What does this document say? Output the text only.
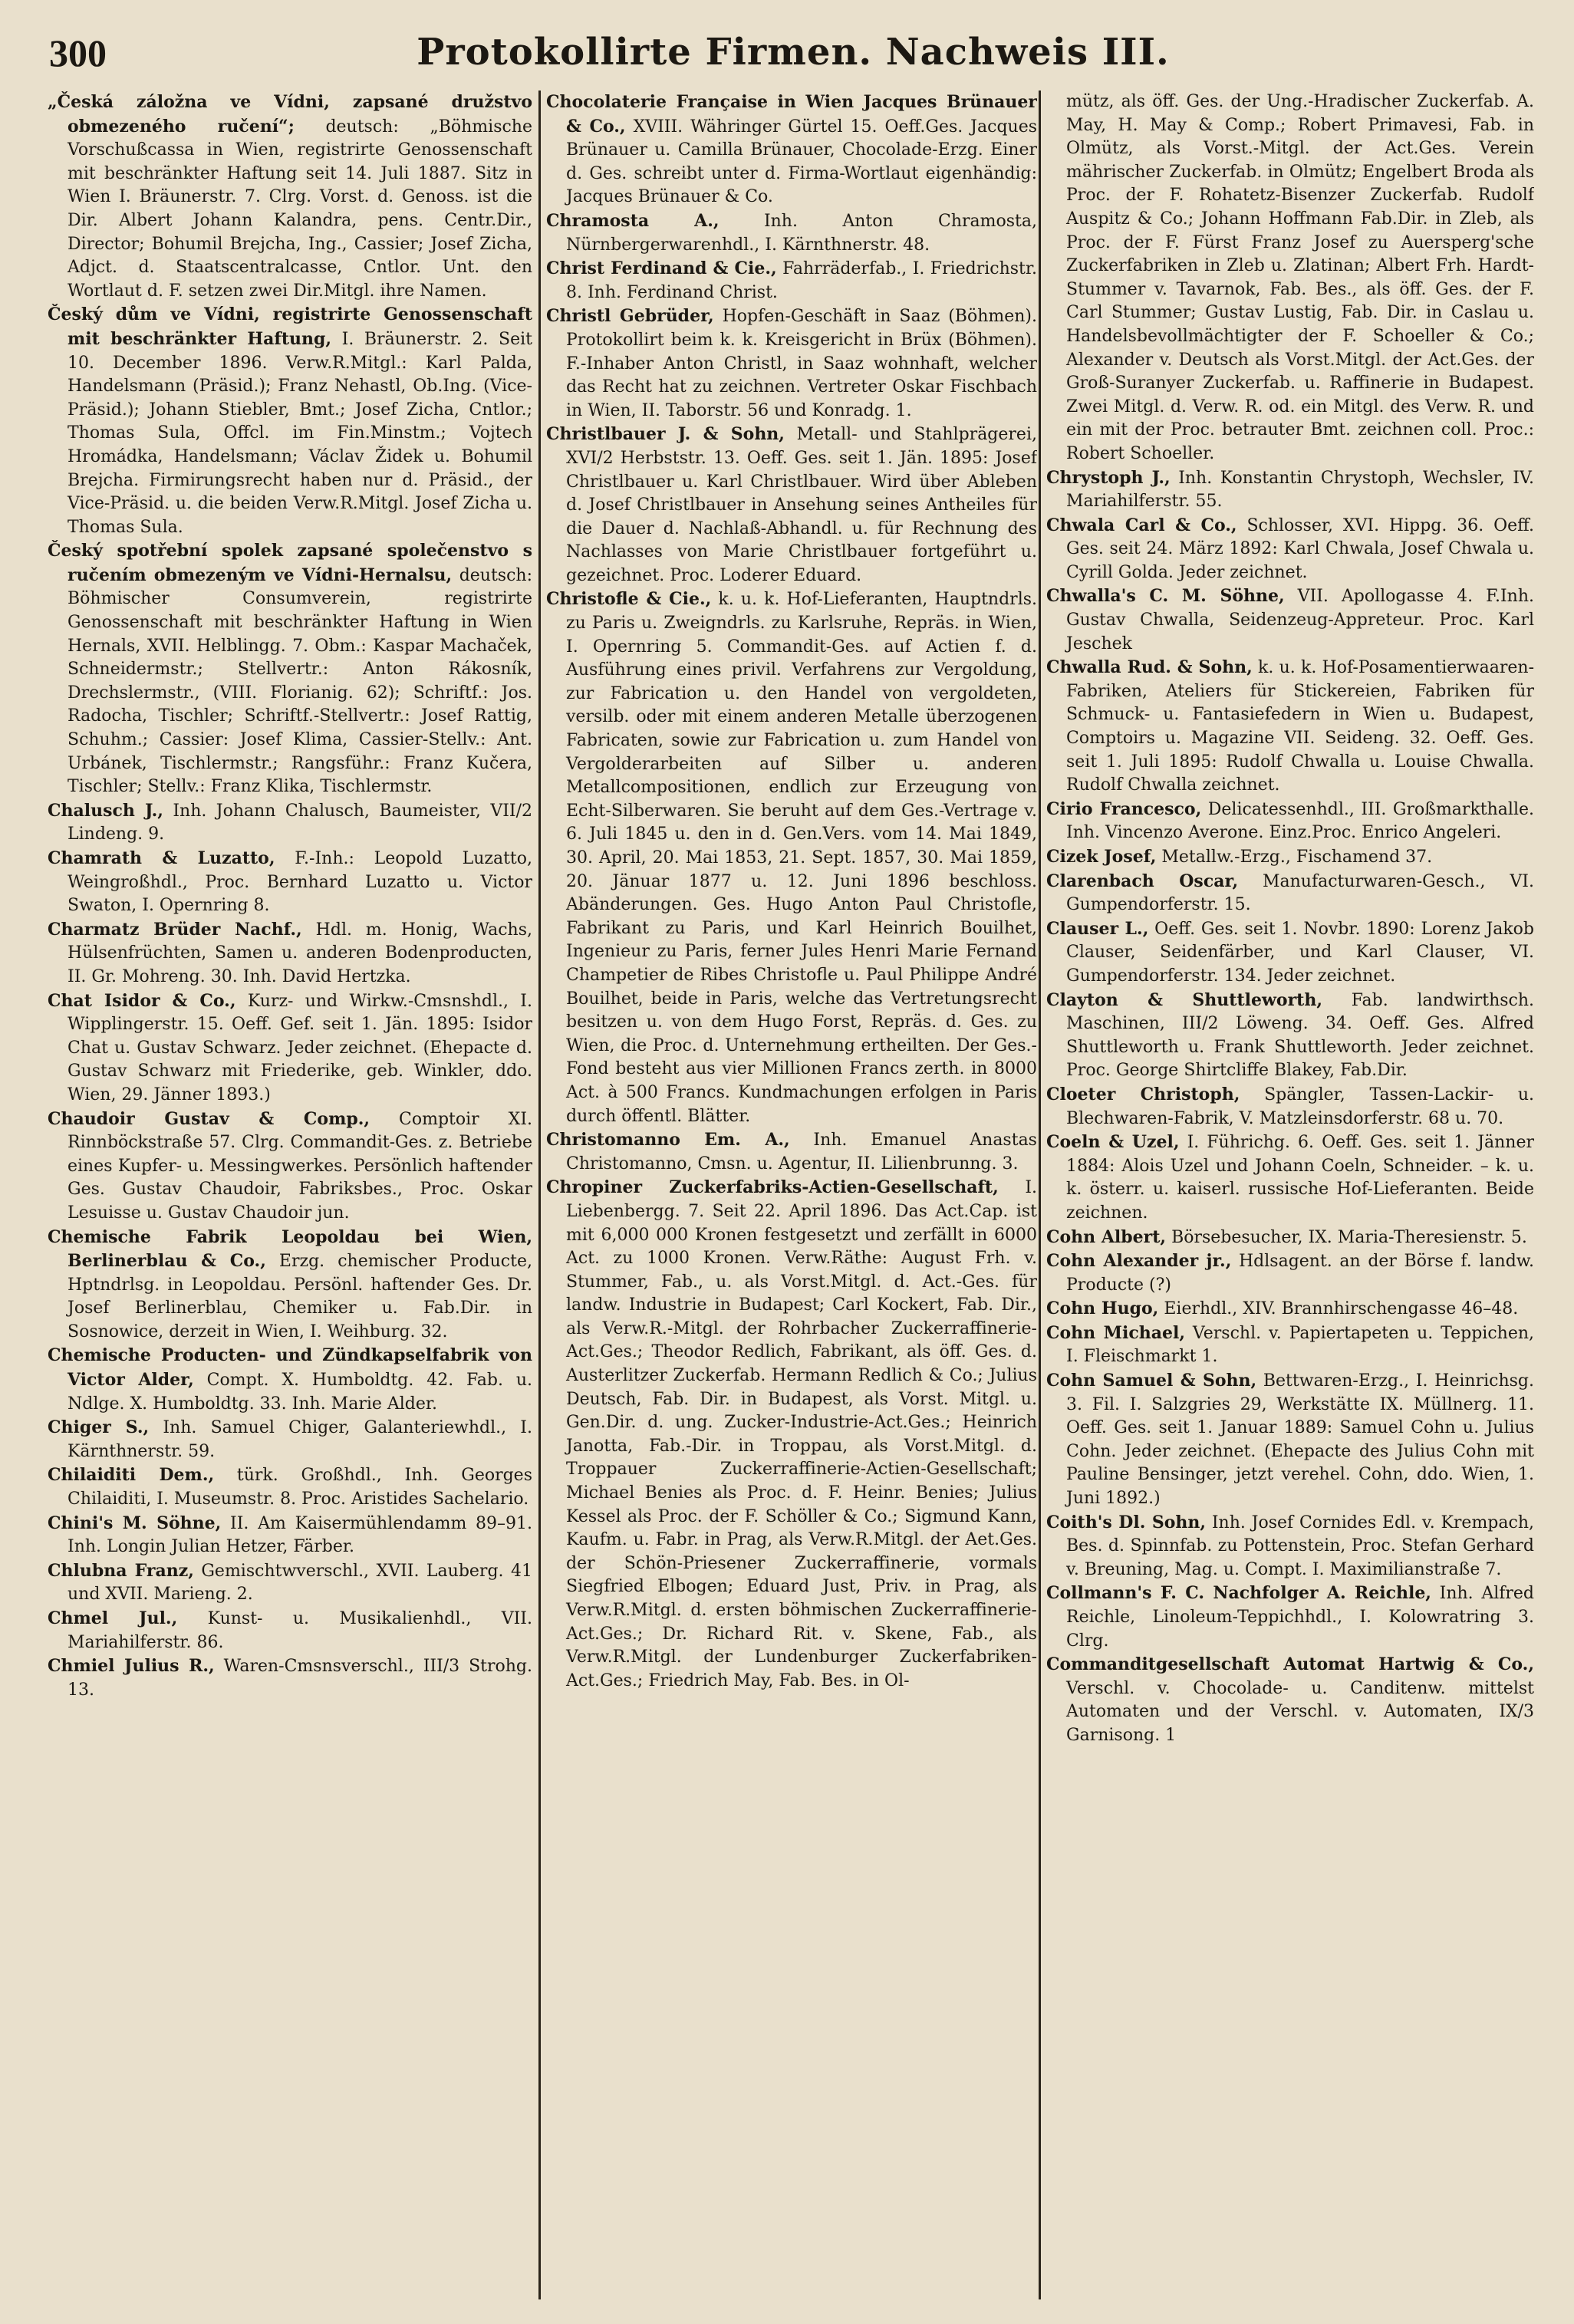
300	Protokollirte Firmen. Nachweis III.

„Česká záložna ve Vídni, zapsané družstvo obmezeného ručení“; deutsch: „Böhmische Vorschußcassa in Wien, registrirte Genossenschaft mit beschränkter Haftung seit 14. Juli 1887. Sitz in Wien I. Bräunerstr. 7. Clrg. Vorst. d. Genoss. ist die Dir. Albert Johann Kalandra, pens. Centr.Dir., Director; Bohumil Brejcha, Ing., Cassier; Josef Zicha, Adjct. d. Staatscentralcasse, Cntlor. Unt. den Wortlaut d. F. setzen zwei Dir.Mitgl. ihre Namen.

Český dům ve Vídni, registrirte Genossenschaft mit beschränkter Haftung, I. Bräunerstr. 2. Seit 10. December 1896. Verw.R.Mitgl.: Karl Palda, Handelsmann (Präsid.); Franz Nehastl, Ob.Ing. (Vice-Präsid.); Johann Stiebler, Bmt.; Josef Zicha, Cntlor.; Thomas Sula, Offcl. im Fin.Minstm.; Vojtech Hromádka, Handelsmann; Václav Židek u. Bohumil Brejcha. Firmirungsrecht haben nur d. Präsid., der Vice-Präsid. u. die beiden Verw.R.Mitgl. Josef Zicha u. Thomas Sula.

Český spotřební spolek zapsané společenstvo s ručením obmezeným ve Vídni-Hernalsu, deutsch: Böhmischer Consumverein, registrirte Genossenschaft mit beschränkter Haftung in Wien Hernals, XVII. Helblingg. 7. Obm.: Kaspar Machaček, Schneidermstr.; Stellvertr.: Anton Rákosník, Drechslermstr., (VIII. Florianig. 62); Schriftf.: Jos. Radocha, Tischler; Schriftf.-Stellvertr.: Josef Rattig, Schuhm.; Cassier: Josef Klima, Cassier-Stellv.: Ant. Urbánek, Tischlermstr.; Rangsführ.: Franz Kučera, Tischler; Stellv.: Franz Klika, Tischlermstr.

Chalusch J., Inh. Johann Chalusch, Baumeister, VII/2 Lindeng. 9.

Chamrath & Luzatto, F.-Inh.: Leopold Luzatto, Weingroßhdl., Proc. Bernhard Luzatto u. Victor Swaton, I. Opernring 8.

Charmatz Brüder Nachf., Hdl. m. Honig, Wachs, Hülsenfrüchten, Samen u. anderen Bodenproducten, II. Gr. Mohreng. 30. Inh. David Hertzka.

Chat Isidor & Co., Kurz- und Wirkw.-Cmsnshdl., I. Wipplingerstr. 15. Oeff. Gef. seit 1. Jän. 1895: Isidor Chat u. Gustav Schwarz. Jeder zeichnet. (Ehepacte d. Gustav Schwarz mit Friederike, geb. Winkler, ddo. Wien, 29. Jänner 1893.)

Chaudoir Gustav & Comp., Comptoir XI. Rinnböckstraße 57. Clrg. Commandit-Ges. z. Betriebe eines Kupfer- u. Messingwerkes. Persönlich haftender Ges. Gustav Chaudoir, Fabriksbes., Proc. Oskar Lesuisse u. Gustav Chaudoir jun.

Chemische Fabrik Leopoldau bei Wien, Berlinerblau & Co., Erzg. chemischer Producte, Hptndrlsg. in Leopoldau. Persönl. haftender Ges. Dr. Josef Berlinerblau, Chemiker u. Fab.Dir. in Sosnowice, derzeit in Wien, I. Weihburg. 32.

Chemische Producten- und Zündkapselfabrik von Victor Alder, Compt. X. Humboldtg. 42. Fab. u. Ndlge. X. Humboldtg. 33. Inh. Marie Alder.

Chiger S., Inh. Samuel Chiger, Galanteriewhdl., I. Kärnthnerstr. 59.

Chilaiditi Dem., türk. Großhdl., Inh. Georges Chilaiditi, I. Museumstr. 8. Proc. Aristides Sachelario.

Chini's M. Söhne, II. Am Kaisermühlendamm 89–91. Inh. Longin Julian Hetzer, Färber.

Chlubna Franz, Gemischtwverschl., XVII. Lauberg. 41 und XVII. Marieng. 2.

Chmel Jul., Kunst- u. Musikalienhdl., VII. Mariahilferstr. 86.

Chmiel Julius R., Waren-Cmsnsverschl., III/3 Strohg. 13.

Chocolaterie Française in Wien Jacques Brünauer & Co., XVIII. Währinger Gürtel 15. Oeff.Ges. Jacques Brünauer u. Camilla Brünauer, Chocolade-Erzg. Einer d. Ges. schreibt unter d. Firma-Wortlaut eigenhändig: Jacques Brünauer & Co.

Chramosta A.,	Inh. Anton Chramosta, Nürnbergerwarenhdl., I. Kärnthnerstr. 48.

Christ Ferdinand & Cie., Fahrräderfab., I. Friedrichstr. 8. Inh. Ferdinand Christ.

Christl Gebrüder, Hopfen-Geschäft in Saaz (Böhmen). Protokollirt beim k. k. Kreisgericht in Brüx (Böhmen). F.-Inhaber Anton Christl, in Saaz wohnhaft, welcher das Recht hat zu zeichnen. Vertreter Oskar Fischbach in Wien, II. Taborstr. 56 und Konradg. 1.

Christlbauer J. & Sohn, Metall- und Stahlprägerei, XVI/2 Herbststr. 13. Oeff. Ges. seit 1. Jän. 1895: Josef Christlbauer u. Karl Christlbauer. Wird über Ableben d. Josef Christlbauer in Ansehung seines Antheiles für die Dauer d. Nachlaß-Abhandl. u. für Rechnung des Nachlasses von Marie Christlbauer fortgeführt u. gezeichnet. Proc. Loderer Eduard.

Christofle & Cie., k. u. k. Hof-Lieferanten, Hauptndrls. zu Paris u. Zweigndrls. zu Karlsruhe, Repräs. in Wien, I. Opernring 5. Commandit-Ges. auf Actien f. d. Ausführung eines privil. Verfahrens zur Vergoldung, zur Fabrication u. den Handel von vergoldeten, versilb. oder mit einem anderen Metalle überzogenen Fabricaten, sowie zur Fabrication u. zum Handel von Vergolderarbeiten auf Silber u. anderen Metallcompositionen, endlich zur Erzeugung von Echt-Silberwaren. Sie beruht auf dem Ges.-Vertrage v. 6. Juli 1845 u. den in d. Gen.Vers. vom 14. Mai 1849, 30. April, 20. Mai 1853, 21. Sept. 1857, 30. Mai 1859, 20. Jänuar 1877 u. 12. Juni 1896 beschloss. Abänderungen. Ges. Hugo Anton Paul Christofle, Fabrikant zu Paris, und Karl Heinrich Bouilhet, Ingenieur zu Paris, ferner Jules Henri Marie Fernand Champetier de Ribes Christofle u. Paul Philippe André Bouilhet, beide in Paris, welche das Vertretungsrecht besitzen u. von dem Hugo Forst, Repräs. d. Ges. zu Wien, die Proc. d. Unternehmung ertheilten. Der Ges.-Fond besteht aus vier Millionen Francs zerth. in 8000 Act. à 500 Francs. Kundmachungen erfolgen in Paris durch öffentl. Blätter.

Christomanno Em. A., Inh. Emanuel Anastas Christomanno, Cmsn. u. Agentur, II. Lilienbrunng. 3.

Chropiner Zuckerfabriks-Actien-Gesellschaft, I. Liebenbergg. 7. Seit 22. April 1896. Das Act.Cap. ist mit 6,000 000 Kronen festgesetzt und zerfällt in 6000 Act. zu 1000 Kronen. Verw.Räthe: August Frh. v. Stummer, Fab., u. als Vorst.Mitgl. d. Act.-Ges. für landw. Industrie in Budapest; Carl Kockert, Fab. Dir., als Verw.R.-Mitgl. der Rohrbacher Zuckerraffinerie-Act.Ges.; Theodor Redlich, Fabrikant, als öff. Ges. d. Austerlitzer Zuckerfab. Hermann Redlich & Co.; Julius Deutsch, Fab. Dir. in Budapest, als Vorst. Mitgl. u. Gen.Dir. d. ung. Zucker-Industrie-Act.Ges.; Heinrich Janotta, Fab.-Dir. in Troppau, als Vorst.Mitgl. d. Troppauer Zuckerraffinerie-Actien-Gesellschaft; Michael Benies als Proc. d. F. Heinr. Benies; Julius Kessel als Proc. der F. Schöller & Co.; Sigmund Kann, Kaufm. u. Fabr. in Prag, als Verw.R.Mitgl. der Aet.Ges. der Schön-Priesener Zuckerraffinerie, vormals Siegfried Elbogen; Eduard Just, Priv. in Prag, als Verw.R.Mitgl. d. ersten böhmischen Zuckerraffinerie-Act.Ges.; Dr. Richard Rit. v. Skene, Fab., als Verw.R.Mitgl. der Lundenburger Zuckerfabriken-Act.Ges.; Friedrich May, Fab. Bes. in Ol-

mütz, als öff. Ges. der Ung.-Hradischer Zuckerfab. A. May, H. May & Comp.; Robert Primavesi, Fab. in Olmütz, als Vorst.-Mitgl. der Act.Ges. Verein mährischer Zuckerfab. in Olmütz; Engelbert Broda als Proc. der F. Rohatetz-Bisenzer Zuckerfab. Rudolf Auspitz & Co.; Johann Hoffmann Fab.Dir. in Zleb, als Proc. der F. Fürst Franz Josef zu Auersperg'sche Zuckerfabriken in Zleb u. Zlatinan; Albert Frh. Hardt-Stummer v. Tavarnok, Fab. Bes., als öff. Ges. der F. Carl Stummer; Gustav Lustig, Fab. Dir. in Caslau u. Handelsbevollmächtigter der F. Schoeller & Co.; Alexander v. Deutsch als Vorst.Mitgl. der Act.Ges. der Groß-Suranyer Zuckerfab. u. Raffinerie in Budapest. Zwei Mitgl. d. Verw. R. od. ein Mitgl. des Verw. R. und ein mit der Proc. betrauter Bmt. zeichnen coll. Proc.: Robert Schoeller.

Chrystoph J., Inh. Konstantin Chrystoph, Wechsler, IV. Mariahilferstr. 55.

Chwala Carl & Co., Schlosser, XVI. Hippg. 36. Oeff. Ges. seit 24. März 1892: Karl Chwala, Josef Chwala u. Cyrill Golda. Jeder zeichnet.

Chwalla's C. M. Söhne, VII. Apollogasse 4. F.Inh. Gustav Chwalla, Seidenzeug-Appreteur. Proc. Karl Jeschek

Chwalla Rud. & Sohn, k. u. k. Hof-Posamentierwaaren-Fabriken, Ateliers für Stickereien, Fabriken für Schmuck- u. Fantasiefedern in Wien u. Budapest, Comptoirs u. Magazine VII. Seideng. 32. Oeff. Ges. seit 1. Juli 1895: Rudolf Chwalla u. Louise Chwalla. Rudolf Chwalla zeichnet.

Cirio Francesco, Delicatessenhdl., III. Großmarkthalle. Inh. Vincenzo Averone. Einz.Proc. Enrico Angeleri.

Cizek Josef, Metallw.-Erzg., Fischamend 37.

Clarenbach Oscar, Manufacturwaren-Gesch., VI. Gumpendorferstr. 15.

Clauser L., Oeff. Ges. seit 1. Novbr. 1890: Lorenz Jakob Clauser, Seidenfärber, und Karl Clauser, VI. Gumpendorferstr. 134. Jeder zeichnet.

Clayton & Shuttleworth, Fab. landwirthsch. Maschinen, III/2 Löweng. 34. Oeff. Ges. Alfred Shuttleworth u. Frank Shuttleworth. Jeder zeichnet. Proc. George Shirtcliffe Blakey, Fab.Dir.

Cloeter Christoph, Spängler, Tassen-Lackir- u. Blechwaren-Fabrik, V. Matzleinsdorferstr. 68 u. 70.

Coeln & Uzel, I. Führichg. 6. Oeff. Ges. seit 1. Jänner 1884: Alois Uzel und Johann Coeln, Schneider. – k. u. k. österr. u. kaiserl. russische Hof-Lieferanten. Beide zeichnen.

Cohn Albert, Börsebesucher, IX. Maria-Theresienstr. 5.

Cohn Alexander jr., Hdlsagent. an der Börse f. landw. Producte (?)

Cohn Hugo, Eierhdl., XIV. Brannhirschengasse 46–48.

Cohn Michael, Verschl. v. Papiertapeten u. Teppichen, I. Fleischmarkt 1.

Cohn Samuel & Sohn, Bettwaren-Erzg., I. Heinrichsg. 3. Fil. I. Salzgries 29, Werkstätte IX. Müllnerg. 11. Oeff. Ges. seit 1. Januar 1889: Samuel Cohn u. Julius Cohn. Jeder zeichnet. (Ehepacte des Julius Cohn mit Pauline Bensinger, jetzt verehel. Cohn, ddo. Wien, 1. Juni 1892.)

Coith's Dl. Sohn, Inh. Josef Cornides Edl. v. Krempach, Bes. d. Spinnfab. zu Pottenstein, Proc. Stefan Gerhard v. Breuning, Mag. u. Compt. I. Maximilianstraße 7.

Collmann's F. C. Nachfolger A. Reichle, Inh. Alfred Reichle, Linoleum-Teppichhdl., I. Kolowratring 3. Clrg.

Commanditgesellschaft Automat Hartwig & Co., Verschl. v. Chocolade- u. Canditenw. mittelst Automaten und der Verschl. v. Automaten, IX/3 Garnisong. 1
